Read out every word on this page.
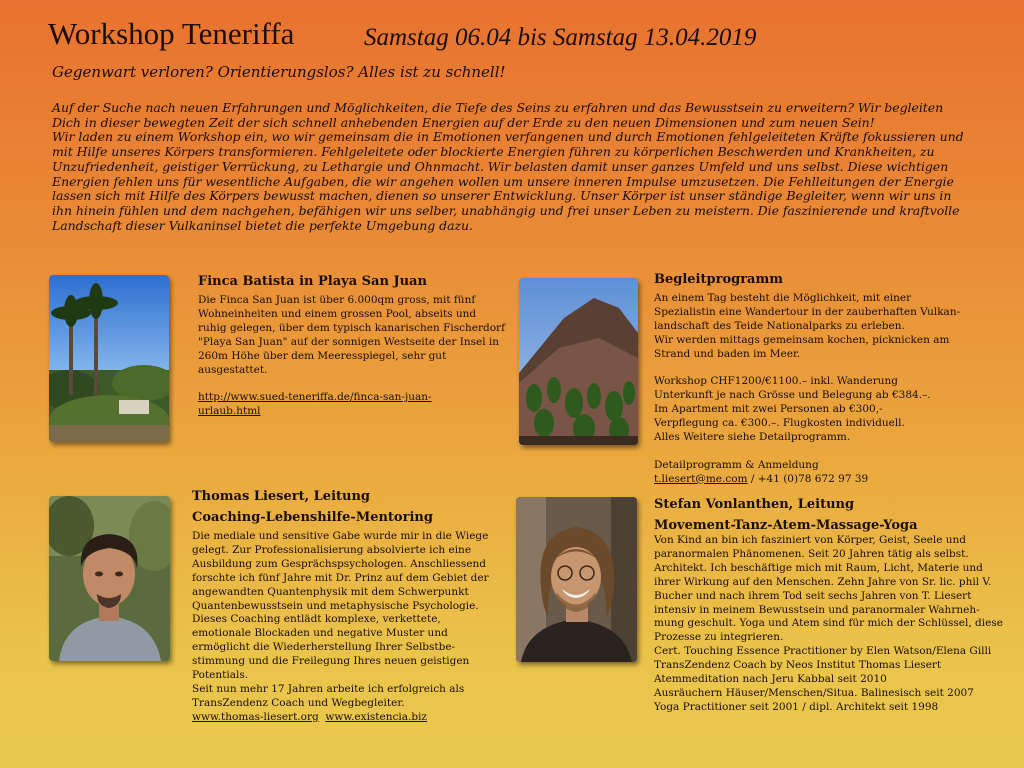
Workshop Teneriffa	Samstag 06.04 bis Samstag 13.04.2019
Gegenwart verloren? Orientierungslos? Alles ist zu schnell!

Auf der Suche nach neuen Erfahrungen und Möglichkeiten, die Tiefe des Seins zu erfahren und das Bewusstsein zu erweitern? Wir begleiten Dich in dieser bewegten Zeit der sich schnell anhebenden Energien auf der Erde zu den neuen Dimensionen und zum neuen Sein!

Wir laden zu einem Workshop ein, wo wir gemeinsam die in Emotionen verfangenen und durch Emotionen fehlgeleiteten Kräfte fokussieren und mit Hilfe unseres Körpers transformieren. Fehlgeleitete oder blockierte Energien führen zu körperlichen Beschwerden und Krankheiten, zu Unzufriedenheit, geistiger Verrückung, zu Lethargie und Ohnmacht. Wir belasten damit unser ganzes Umfeld und uns selbst. Diese wichtigen Energien fehlen uns für wesentliche Aufgaben, die wir angehen wollen um unsere inneren Impulse umzusetzen. Die Fehlleitungen der Energie lassen sich mit Hilfe des Körpers bewusst machen, dienen so unserer Entwicklung. Unser Körper ist unser ständige Begleiter, wenn wir uns in ihn hinein fühlen und dem nachgehen, befähigen wir uns selber, unabhängig und frei unser Leben zu meistern. Die faszinierende und kraftvolle Landschaft dieser Vulkaninsel bietet die perfekte Umgebung dazu.

Finca Batista in Playa San Juan
Die Finca San Juan ist über 6.000qm gross, mit fünf
Wohneinheiten und einem grossen Pool, abseits und
ruhig gelegen, über dem typisch kanarischen Fischerdorf
"Playa San Juan" auf der sonnigen Westseite der Insel in
260m Höhe über dem Meeresspiegel, sehr gut
ausgestattet.
http://www.sued-teneriffa.de/finca-san-juan-
urlaub.html
Begleitprogramm
An einem Tag besteht die Möglichkeit, mit einer
Spezialistin eine Wandertour in der zauberhaften Vulkan-
landschaft des Teide Nationalparks zu erleben.
Wir werden mittags gemeinsam kochen, picknicken am
Strand und baden im Meer.
Workshop CHF1200/€1100.– inkl. Wanderung
Unterkunft je nach Grösse und Belegung ab €384.–.
Im Apartment mit zwei Personen ab €300,-
Verpflegung ca. €300.–. Flugkosten individuell.
Alles Weitere siehe Detailprogramm.
Detailprogramm & Anmeldung
t.liesert@me.com / +41 (0)78 672 97 39
Thomas Liesert, Leitung
Coaching-Lebenshilfe-Mentoring
Die mediale und sensitive Gabe wurde mir in die Wiege
gelegt. Zur Professionalisierung absolvierte ich eine
Ausbildung zum Gesprächspsychologen. Anschliessend
forschte ich fünf Jahre mit Dr. Prinz auf dem Gebiet der
angewandten Quantenphysik mit dem Schwerpunkt
Quantenbewusstsein und metaphysische Psychologie.
Dieses Coaching entlädt komplexe, verkettete,
emotionale Blockaden und negative Muster und
ermöglicht die Wiederherstellung Ihrer Selbstbe-
stimmung und die Freilegung Ihres neuen geistigen
Potentials.
Seit nun mehr 17 Jahren arbeite ich erfolgreich als
TransZendenz Coach und Wegbegleiter.
www.thomas-liesert.org www.existencia.biz
Stefan Vonlanthen, Leitung
Movement-Tanz-Atem-Massage-Yoga
Von Kind an bin ich fasziniert von Körper, Geist, Seele und
paranormalen Phänomenen. Seit 20 Jahren tätig als selbst.
Architekt. Ich beschäftige mich mit Raum, Licht, Materie und
ihrer Wirkung auf den Menschen. Zehn Jahre von Sr. lic. phil V.
Bucher und nach ihrem Tod seit sechs Jahren von T. Liesert
intensiv in meinem Bewusstsein und paranormaler Wahrneh-
mung geschult. Yoga und Atem sind für mich der Schlüssel, diese
Prozesse zu integrieren.
Cert. Touching Essence Practitioner by Elen Watson/Elena Gilli
TransZendenz Coach by Neos Institut Thomas Liesert
Atemmeditation nach Jeru Kabbal seit 2010
Ausräuchern Häuser/Menschen/Situa. Balinesisch seit 2007
Yoga Practitioner seit 2001 / dipl. Architekt seit 1998
